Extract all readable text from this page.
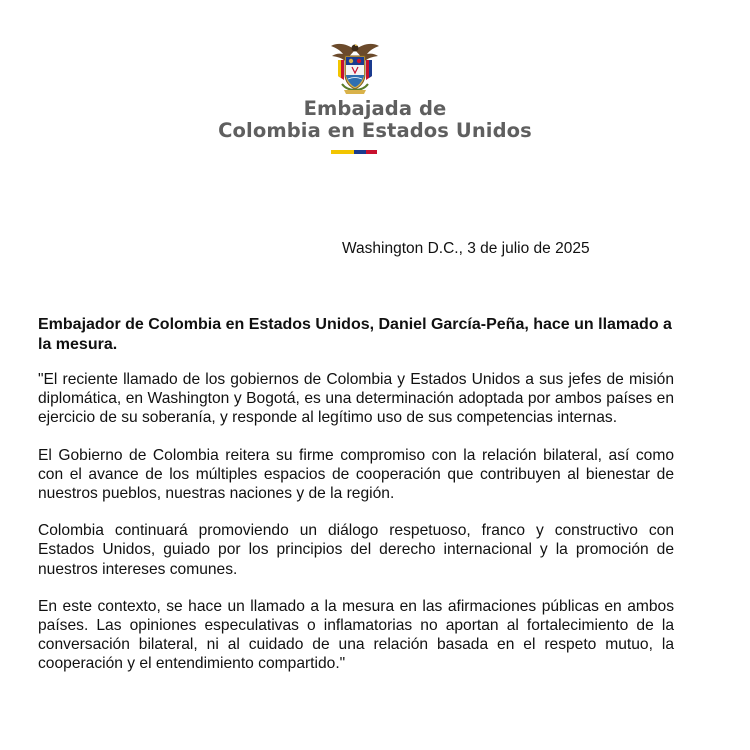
Embajada de
Colombia en Estados Unidos
Washington D.C., 3 de julio de 2025

Embajador de Colombia en Estados Unidos, Daniel García-Peña, hace un llamado a la mesura.

"El reciente llamado de los gobiernos de Colombia y Estados Unidos a sus jefes de misión diplomática, en Washington y Bogotá, es una determinación adoptada por ambos países en ejercicio de su soberanía, y responde al legítimo uso de sus competencias internas.

El Gobierno de Colombia reitera su firme compromiso con la relación bilateral, así como con el avance de los múltiples espacios de cooperación que contribuyen al bienestar de nuestros pueblos, nuestras naciones y de la región.

Colombia continuará promoviendo un diálogo respetuoso, franco y constructivo con Estados Unidos, guiado por los principios del derecho internacional y la promoción de nuestros intereses comunes.

En este contexto, se hace un llamado a la mesura en las afirmaciones públicas en ambos países. Las opiniones especulativas o inflamatorias no aportan al fortalecimiento de la conversación bilateral, ni al cuidado de una relación basada en el respeto mutuo, la cooperación y el entendimiento compartido."
